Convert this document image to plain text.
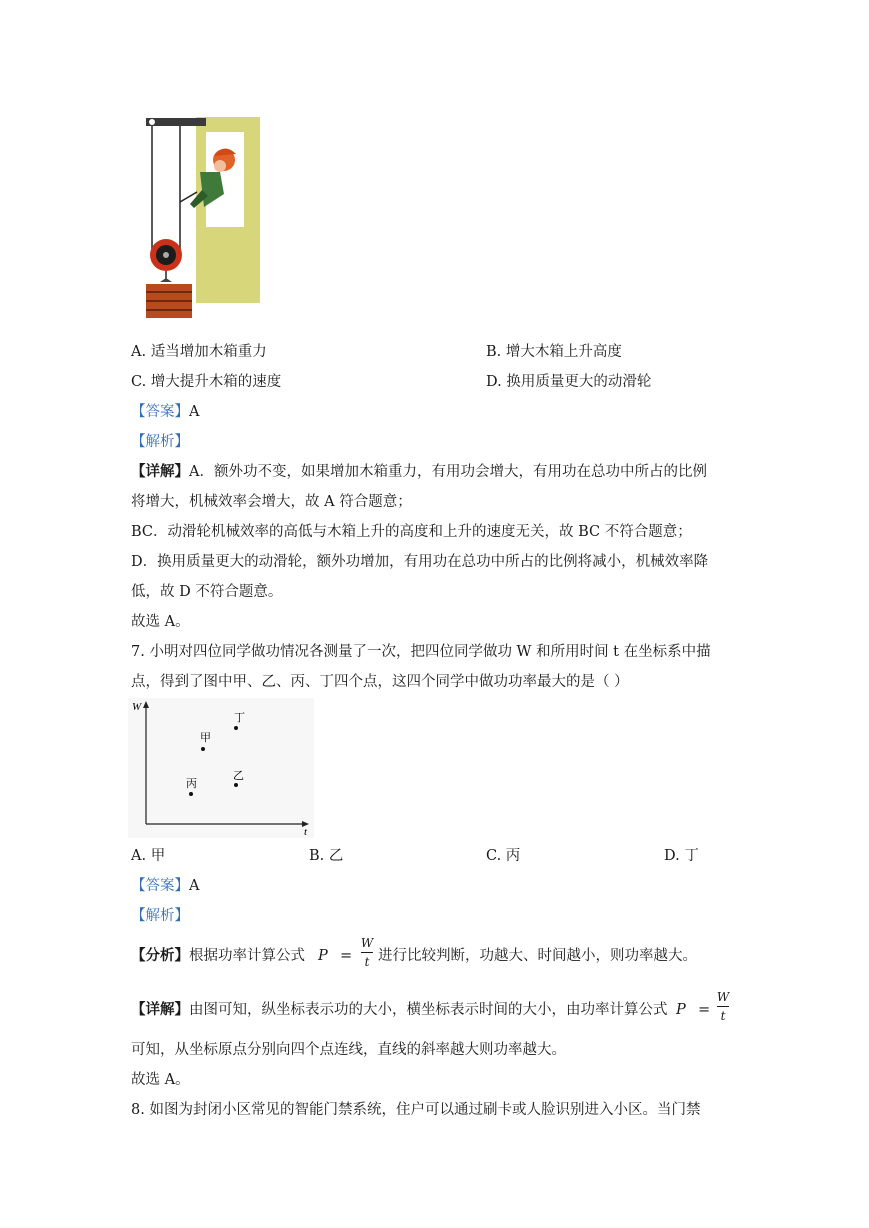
A. 适当增加木箱重力	B. 增大木箱上升高度
C. 增大提升木箱的速度	D. 换用质量更大的动滑轮
【答案】A
【解析】
【详解】A．额外功不变，如果增加木箱重力，有用功会增大，有用功在总功中所占的比例
将增大，机械效率会增大，故 A 符合题意；
BC．动滑轮机械效率的高低与木箱上升的高度和上升的速度无关，故 BC 不符合题意；
D．换用质量更大的动滑轮，额外功增加，有用功在总功中所占的比例将减小，机械效率降
低，故 D 不符合题意。
故选 A。
7. 小明对四位同学做功情况各测量了一次，把四位同学做功 W 和所用时间 t 在坐标系中描
点，得到了图中甲、乙、丙、丁四个点，这四个同学中做功功率最大的是（ ）
W
t
甲
乙
丙
丁
A. 甲	B. 乙	C. 丙	D. 丁
【答案】A
【解析】
【分析】根据功率计算公式 P =
W
t 进行比较判断，功越大、时间越小，则功率越大。
【详解】由图可知，纵坐标表示功的大小，横坐标表示时间的大小，由功率计算公式 P =
W
t
可知，从坐标原点分别向四个点连线，直线的斜率越大则功率越大。
故选 A。
8. 如图为封闭小区常见的智能门禁系统，住户可以通过刷卡或人脸识别进入小区。当门禁
